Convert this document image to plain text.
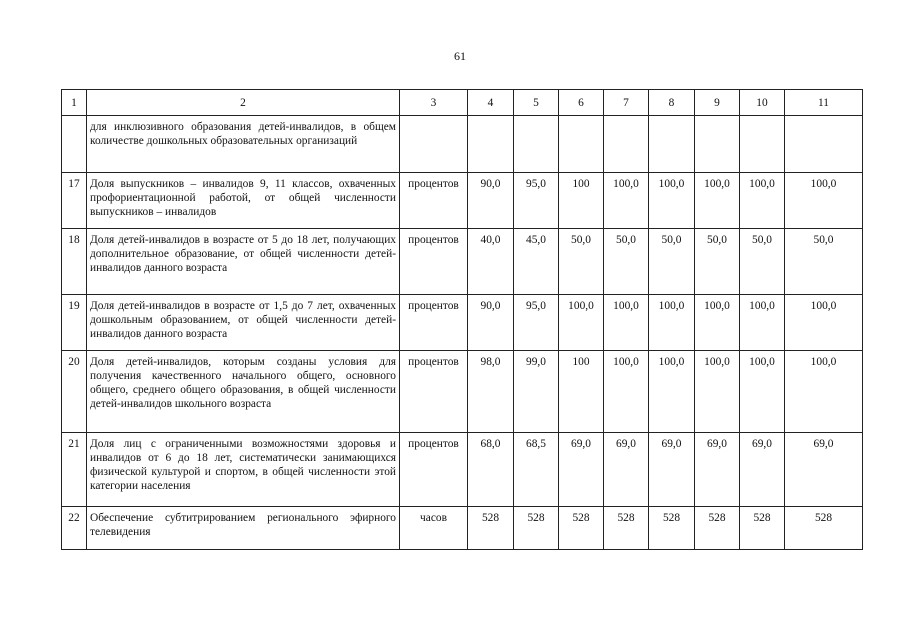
61
1	2	3	4	5	6	7	8	9	10	11
	для инклюзивного образования детей-инвалидов, в общем количестве дошкольных образовательных организаций									
17	Доля выпускников – инвалидов 9, 11 классов, охваченных профориентационной работой, от общей численности выпускников – инвалидов	процентов	90,0	95,0	100	100,0	100,0	100,0	100,0	100,0
18	Доля детей-инвалидов в возрасте от 5 до 18 лет, получающих дополнительное образование, от общей численности детей-инвалидов данного возраста	процентов	40,0	45,0	50,0	50,0	50,0	50,0	50,0	50,0
19	Доля детей-инвалидов в возрасте от 1,5 до 7 лет, охваченных дошкольным образованием, от общей численности детей-инвалидов данного возраста	процентов	90,0	95,0	100,0	100,0	100,0	100,0	100,0	100,0
20	Доля детей-инвалидов, которым созданы условия для получения качественного начального общего, основного общего, среднего общего образования, в общей численности детей-инвалидов школьного возраста	процентов	98,0	99,0	100	100,0	100,0	100,0	100,0	100,0
21	Доля лиц с ограниченными возможностями здоровья и инвалидов от 6 до 18 лет, систематически занимающихся физической культурой и спортом, в общей численности этой категории населения	процентов	68,0	68,5	69,0	69,0	69,0	69,0	69,0	69,0
22	Обеспечение субтитрированием регионального эфирного телевидения	часов	528	528	528	528	528	528	528	528
